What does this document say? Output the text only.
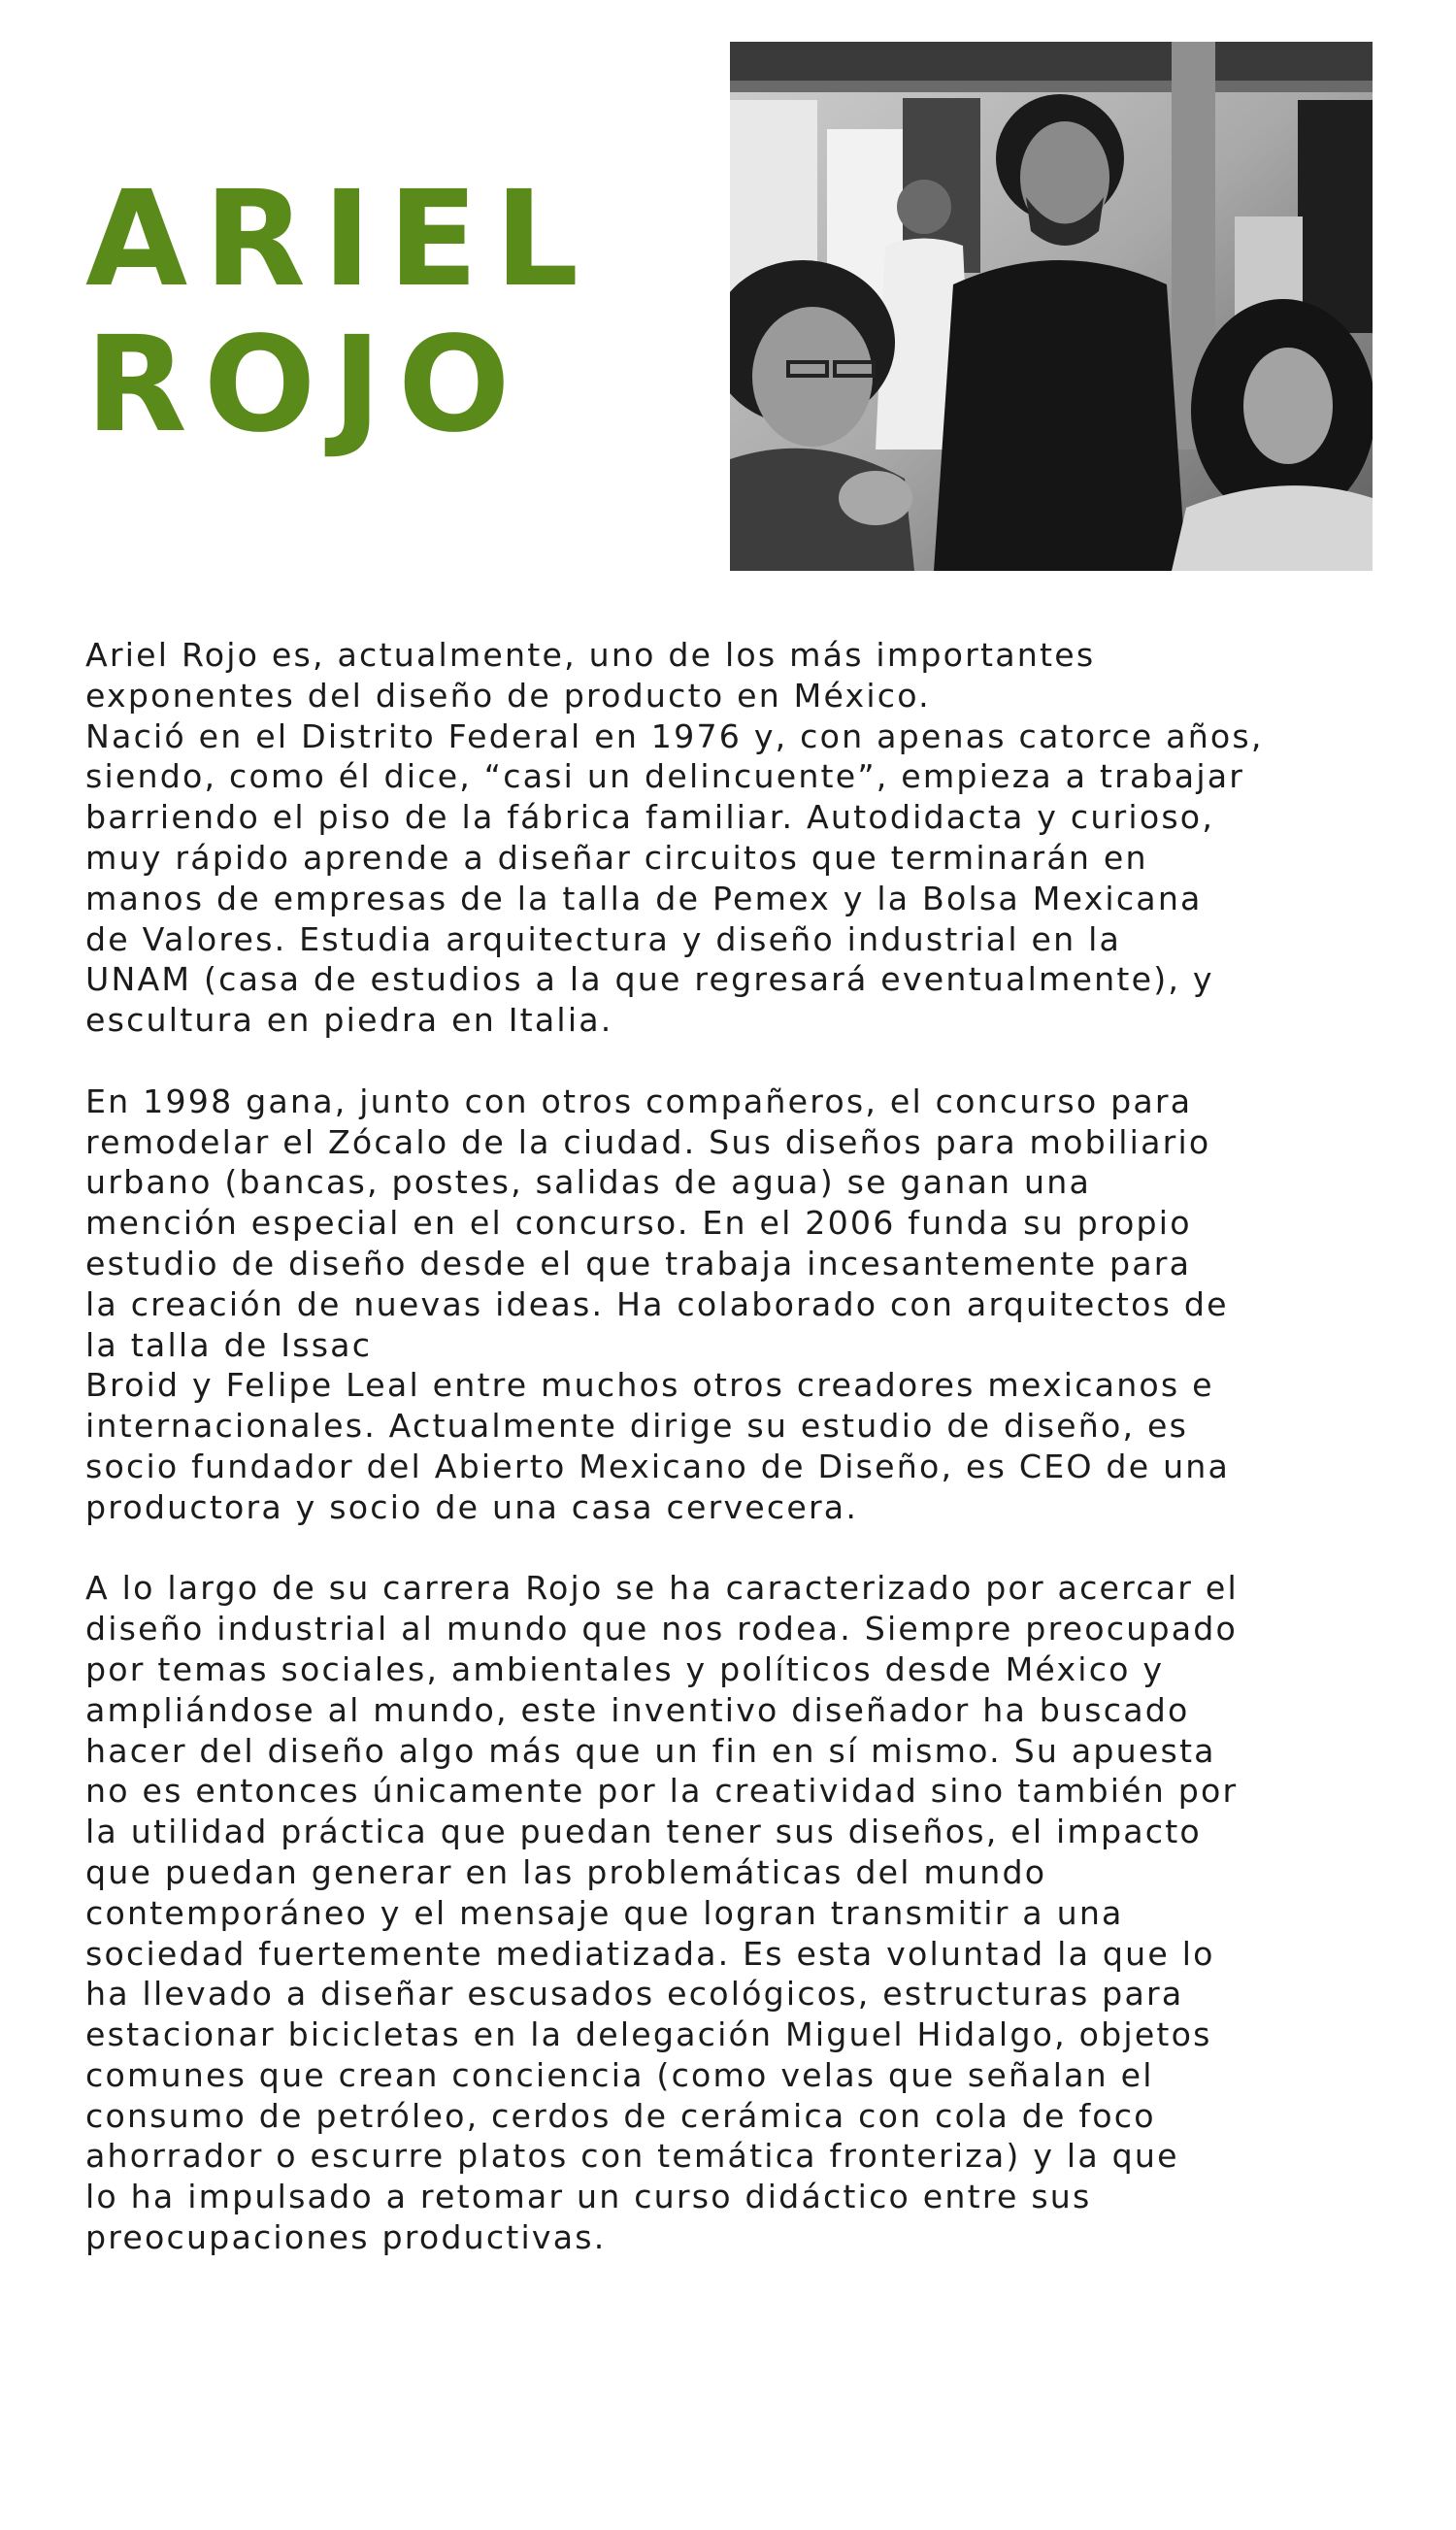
ARIEL
ROJO

Ariel Rojo es, actualmente, uno de los más importantes
exponentes del diseño de producto en México.
Nació en el Distrito Federal en 1976 y, con apenas catorce años,
siendo, como él dice, “casi un delincuente”, empieza a trabajar
barriendo el piso de la fábrica familiar. Autodidacta y curioso,
muy rápido aprende a diseñar circuitos que terminarán en
manos de empresas de la talla de Pemex y la Bolsa Mexicana
de Valores. Estudia arquitectura y diseño industrial en la
UNAM (casa de estudios a la que regresará eventualmente), y
escultura en piedra en Italia.

En 1998 gana, junto con otros compañeros, el concurso para
remodelar el Zócalo de la ciudad. Sus diseños para mobiliario
urbano (bancas, postes, salidas de agua) se ganan una
mención especial en el concurso. En el 2006 funda su propio
estudio de diseño desde el que trabaja incesantemente para
la creación de nuevas ideas. Ha colaborado con arquitectos de
la talla de Issac
Broid y Felipe Leal entre muchos otros creadores mexicanos e
internacionales. Actualmente dirige su estudio de diseño, es
socio fundador del Abierto Mexicano de Diseño, es CEO de una
productora y socio de una casa cervecera.

A lo largo de su carrera Rojo se ha caracterizado por acercar el
diseño industrial al mundo que nos rodea. Siempre preocupado
por temas sociales, ambientales y políticos desde México y
ampliándose al mundo, este inventivo diseñador ha buscado
hacer del diseño algo más que un fin en sí mismo. Su apuesta
no es entonces únicamente por la creatividad sino también por
la utilidad práctica que puedan tener sus diseños, el impacto
que puedan generar en las problemáticas del mundo
contemporáneo y el mensaje que logran transmitir a una
sociedad fuertemente mediatizada. Es esta voluntad la que lo
ha llevado a diseñar escusados ecológicos, estructuras para
estacionar bicicletas en la delegación Miguel Hidalgo, objetos
comunes que crean conciencia (como velas que señalan el
consumo de petróleo, cerdos de cerámica con cola de foco
ahorrador o escurre platos con temática fronteriza) y la que
lo ha impulsado a retomar un curso didáctico entre sus
preocupaciones productivas.
